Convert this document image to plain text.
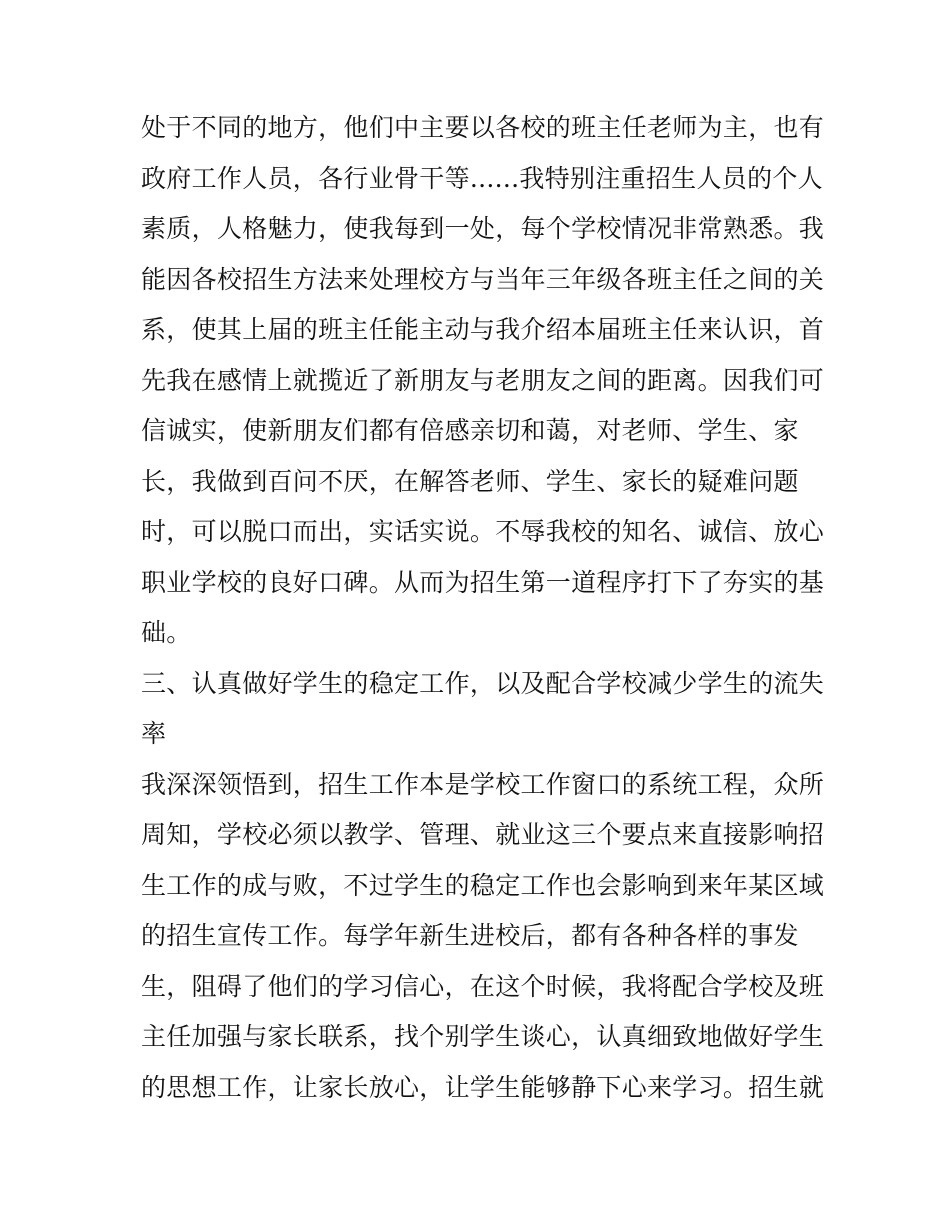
处于不同的地方，他们中主要以各校的班主任老师为主，也有
政府工作人员，各行业骨干等......我特别注重招生人员的个人
素质，人格魅力，使我每到一处，每个学校情况非常熟悉。我
能因各校招生方法来处理校方与当年三年级各班主任之间的关
系，使其上届的班主任能主动与我介绍本届班主任来认识，首
先我在感情上就揽近了新朋友与老朋友之间的距离。因我们可
信诚实，使新朋友们都有倍感亲切和蔼，对老师、学生、家
长，我做到百问不厌，在解答老师、学生、家长的疑难问题
时，可以脱口而出，实话实说。不辱我校的知名、诚信、放心
职业学校的良好口碑。从而为招生第一道程序打下了夯实的基
础。
三、认真做好学生的稳定工作，以及配合学校减少学生的流失
率
我深深领悟到，招生工作本是学校工作窗口的系统工程，众所
周知，学校必须以教学、管理、就业这三个要点来直接影响招
生工作的成与败，不过学生的稳定工作也会影响到来年某区域
的招生宣传工作。每学年新生进校后，都有各种各样的事发
生，阻碍了他们的学习信心，在这个时候，我将配合学校及班
主任加强与家长联系，找个别学生谈心，认真细致地做好学生
的思想工作，让家长放心，让学生能够静下心来学习。招生就
